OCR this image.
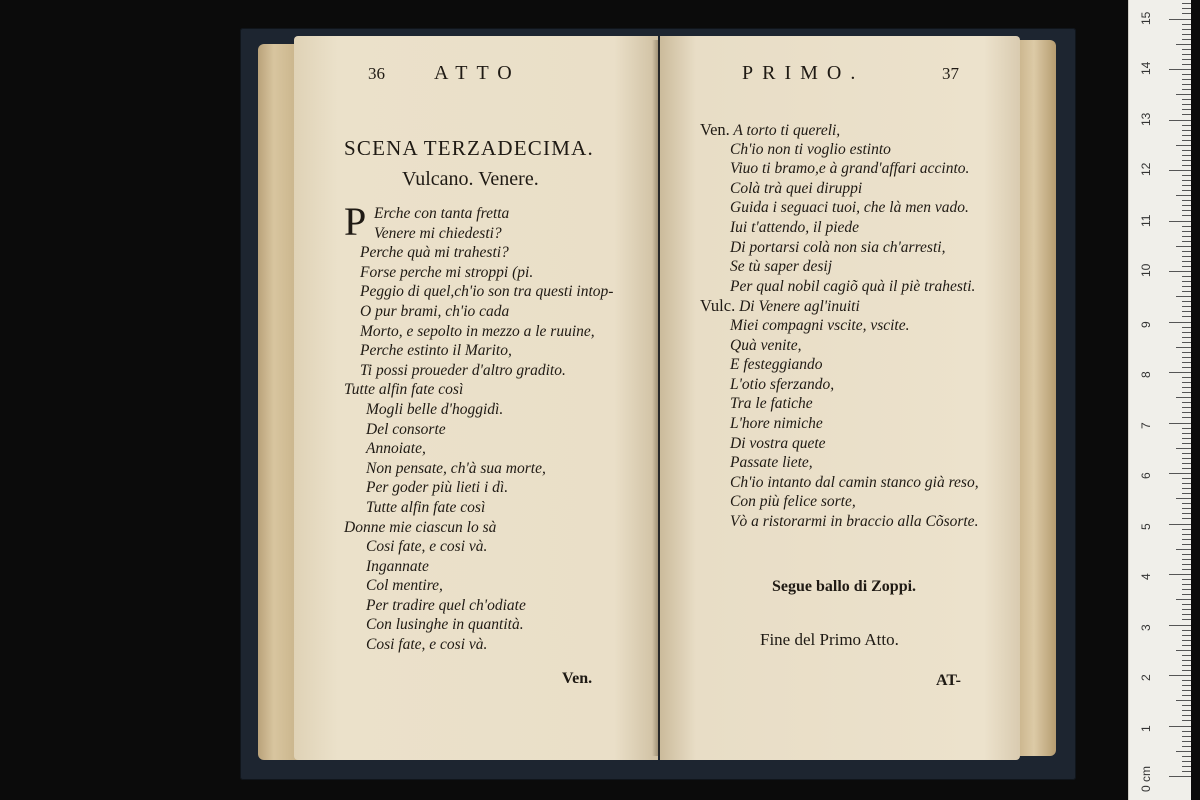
36 ATTO
SCENA TERZADECIMA.
Vulcano. Venere.
P Erche con tanta fretta
Venere mi chiedesti?
Perche quà mi trahesti?
Forse perche mi stroppi (pi.
Peggio di quel,ch'io son tra questi intop-
O pur brami, ch'io cada
Morto, e sepolto in mezzo a le ruuine,
Perche estinto il Marito,
Ti possi proueder d'altro gradito.
Tutte alfin fate così
Mogli belle d'hoggidì.
Del consorte
Annoiate,
Non pensate, ch'à sua morte,
Per goder più lieti i dì.
Tutte alfin fate così
Donne mie ciascun lo sà
Cosi fate, e cosi và.
Ingannate
Col mentire,
Per tradire quel ch'odiate
Con lusinghe in quantità.
Cosi fate, e cosi và.
Ven.
PRIMO.	37
Ven. A torto ti quereli,
Ch'io non ti voglio estinto
Viuo ti bramo,e à grand'affari accinto.
Colà trà quei diruppi
Guida i seguaci tuoi, che là men vado.
Iui t'attendo, il piede
Di portarsi colà non sia ch'arresti,
Se tù saper desij
Per qual nobil cagiõ quà il piè trahesti.
Vulc. Di Venere agl'inuiti
Miei compagni vscite, vscite.
Quà venite,
E festeggiando
L'otio sferzando,
Tra le fatiche
L'hore nimiche
Di vostra quete
Passate liete,
Ch'io intanto dal camin stanco già reso,
Con più felice sorte,
Vò a ristorarmi in braccio alla Cõsorte.
Segue ballo di Zoppi.
Fine del Primo Atto.
AT-
0 cm
1
2
3
4
5
6
7
8
9
10
11
12
13
14
15
